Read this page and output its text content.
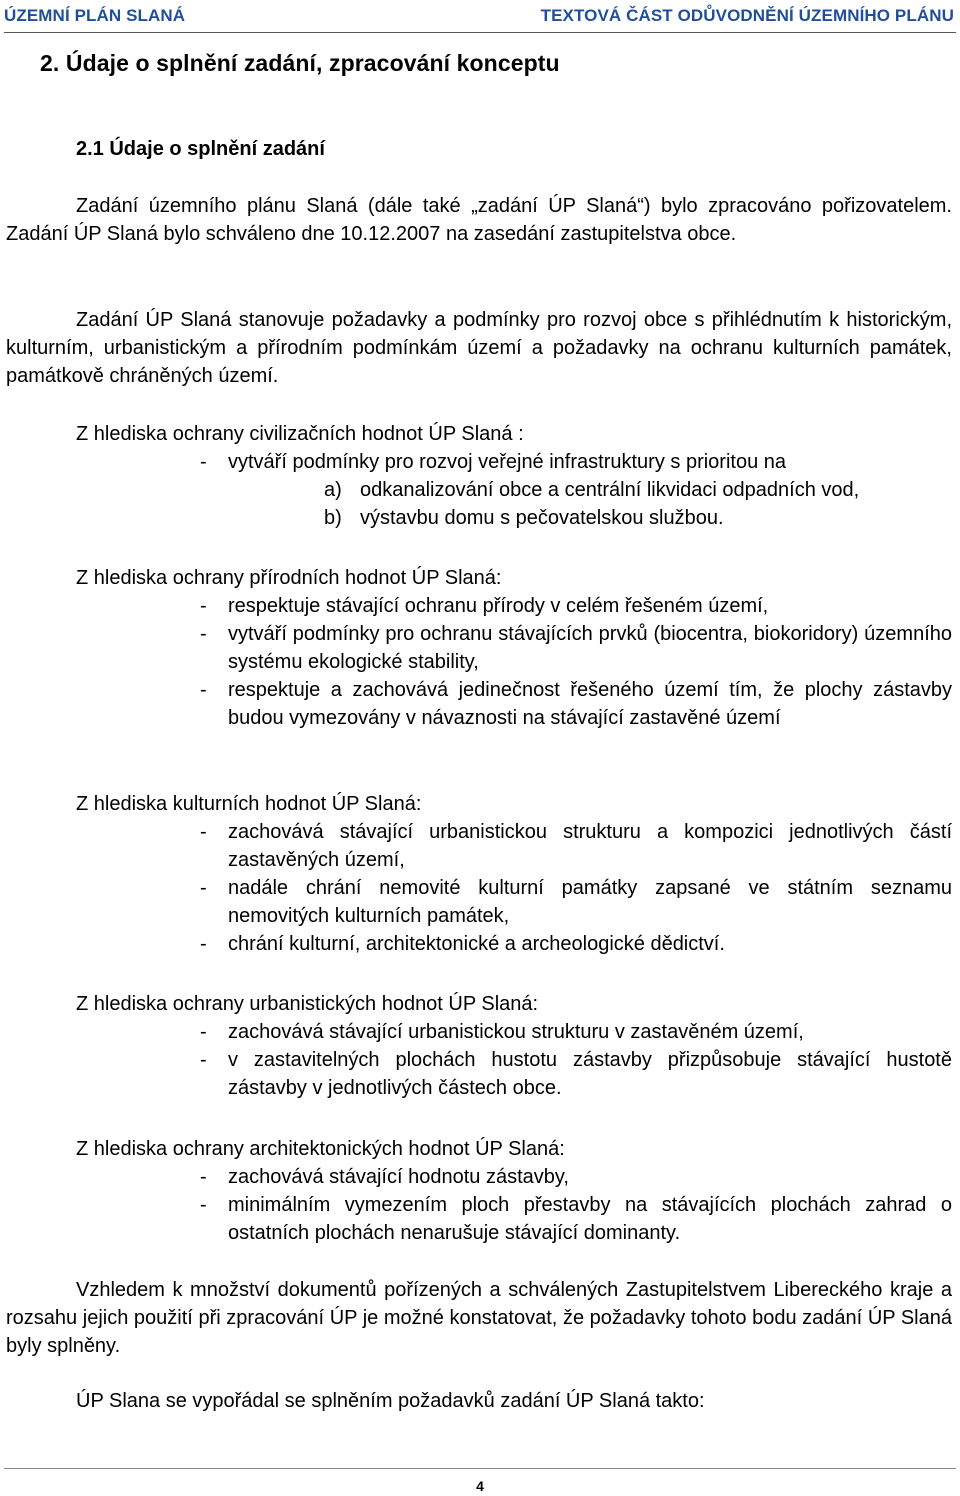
ÚZEMNÍ PLÁN SLANÁ	TEXTOVÁ ČÁST ODŮVODNĚNÍ ÚZEMNÍHO PLÁNU
2. Údaje o splnění zadání, zpracování konceptu
2.1 Údaje o splnění zadání
Zadání územního plánu Slaná (dále také „zadání ÚP Slaná“) bylo zpracováno pořizovatelem. Zadání ÚP Slaná bylo schváleno dne 10.12.2007 na zasedání zastupitelstva obce.
Zadání ÚP Slaná stanovuje požadavky a podmínky pro rozvoj obce s přihlédnutím k historickým, kulturním, urbanistickým a přírodním podmínkám území a požadavky na ochranu kulturních památek, památkově chráněných území.
Z hlediska ochrany civilizačních hodnot ÚP Slaná :
- vytváří podmínky pro rozvoj veřejné infrastruktury s prioritou na
a) odkanalizování obce a centrální likvidaci odpadních vod,
b) výstavbu domu s pečovatelskou službou.
Z hlediska ochrany přírodních hodnot ÚP Slaná:
- respektuje stávající ochranu přírody v celém řešeném území,
- vytváří podmínky pro ochranu stávajících prvků (biocentra, biokoridory) územního systému ekologické stability,
- respektuje a zachovává jedinečnost řešeného území tím, že plochy zástavby budou vymezovány v návaznosti na stávající zastavěné území
Z hlediska kulturních hodnot ÚP Slaná:
- zachovává stávající urbanistickou strukturu a kompozici jednotlivých částí zastavěných území,
- nadále chrání nemovité kulturní památky zapsané ve státním seznamu nemovitých kulturních památek,
- chrání kulturní, architektonické a archeologické dědictví.
Z hlediska ochrany urbanistických hodnot ÚP Slaná:
- zachovává stávající urbanistickou strukturu v zastavěném území,
- v zastavitelných plochách hustotu zástavby přizpůsobuje stávající hustotě zástavby v jednotlivých částech obce.
Z hlediska ochrany architektonických hodnot ÚP Slaná:
- zachovává stávající hodnotu zástavby,
- minimálním vymezením ploch přestavby na stávajících plochách zahrad o ostatních plochách nenarušuje stávající dominanty.
Vzhledem k množství dokumentů pořízených a schválených Zastupitelstvem Libereckého kraje a rozsahu jejich použití při zpracování ÚP je možné konstatovat, že požadavky tohoto bodu zadání ÚP Slaná byly splněny.
ÚP Slana se vypořádal se splněním požadavků zadání ÚP Slaná takto:
4
